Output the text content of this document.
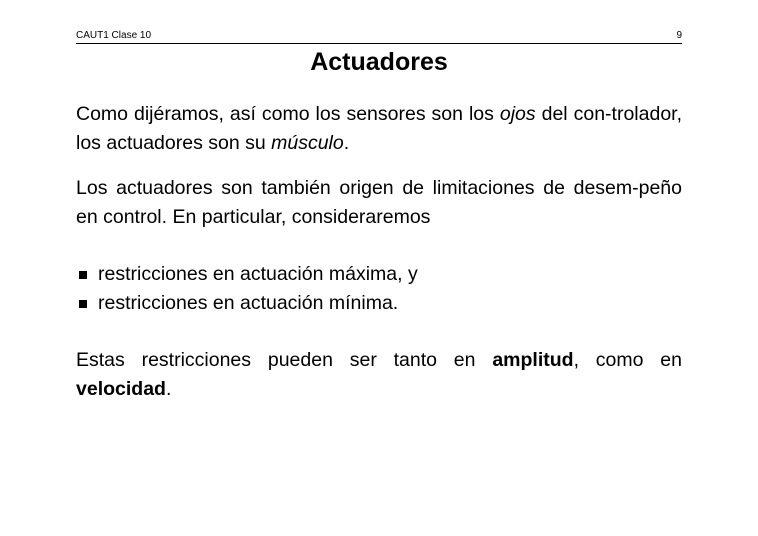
CAUT1 Clase 10	9
Actuadores

Como dijéramos, así como los sensores son los ojos del con-trolador, los actuadores son su músculo.

Los actuadores son también origen de limitaciones de desem-peño en control. En particular, consideraremos

restricciones en actuación máxima, y
restricciones en actuación mínima.

Estas restricciones pueden ser tanto en amplitud, como en velocidad.
